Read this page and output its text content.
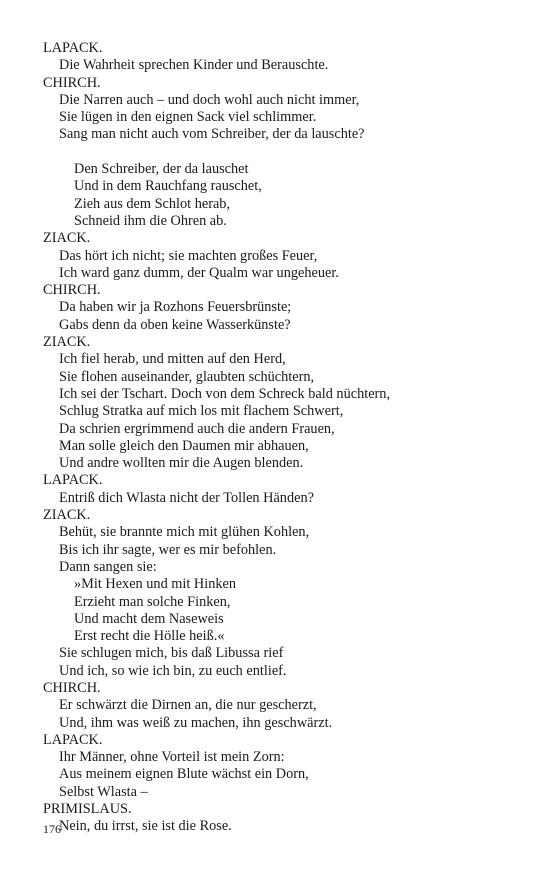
LAPACK.
Die Wahrheit sprechen Kinder und Berauschte.
CHIRCH.
Die Narren auch – und doch wohl auch nicht immer,
Sie lügen in den eignen Sack viel schlimmer.
Sang man nicht auch vom Schreiber, der da lauschte?
Den Schreiber, der da lauschet
Und in dem Rauchfang rauschet,
Zieh aus dem Schlot herab,
Schneid ihm die Ohren ab.
ZIACK.
Das hört ich nicht; sie machten großes Feuer,
Ich ward ganz dumm, der Qualm war ungeheuer.
CHIRCH.
Da haben wir ja Rozhons Feuersbrünste;
Gabs denn da oben keine Wasserkünste?
ZIACK.
Ich fiel herab, und mitten auf den Herd,
Sie flohen auseinander, glaubten schüchtern,
Ich sei der Tschart. Doch von dem Schreck bald nüchtern,
Schlug Stratka auf mich los mit flachem Schwert,
Da schrien ergrimmend auch die andern Frauen,
Man solle gleich den Daumen mir abhauen,
Und andre wollten mir die Augen blenden.
LAPACK.
Entriß dich Wlasta nicht der Tollen Händen?
ZIACK.
Behüt, sie brannte mich mit glühen Kohlen,
Bis ich ihr sagte, wer es mir befohlen.
Dann sangen sie:
»Mit Hexen und mit Hinken
Erzieht man solche Finken,
Und macht dem Naseweis
Erst recht die Hölle heiß.«
Sie schlugen mich, bis daß Libussa rief
Und ich, so wie ich bin, zu euch entlief.
CHIRCH.
Er schwärzt die Dirnen an, die nur gescherzt,
Und, ihm was weiß zu machen, ihn geschwärzt.
LAPACK.
Ihr Männer, ohne Vorteil ist mein Zorn:
Aus meinem eignen Blute wächst ein Dorn,
Selbst Wlasta –
PRIMISLAUS.
Nein, du irrst, sie ist die Rose.
176
